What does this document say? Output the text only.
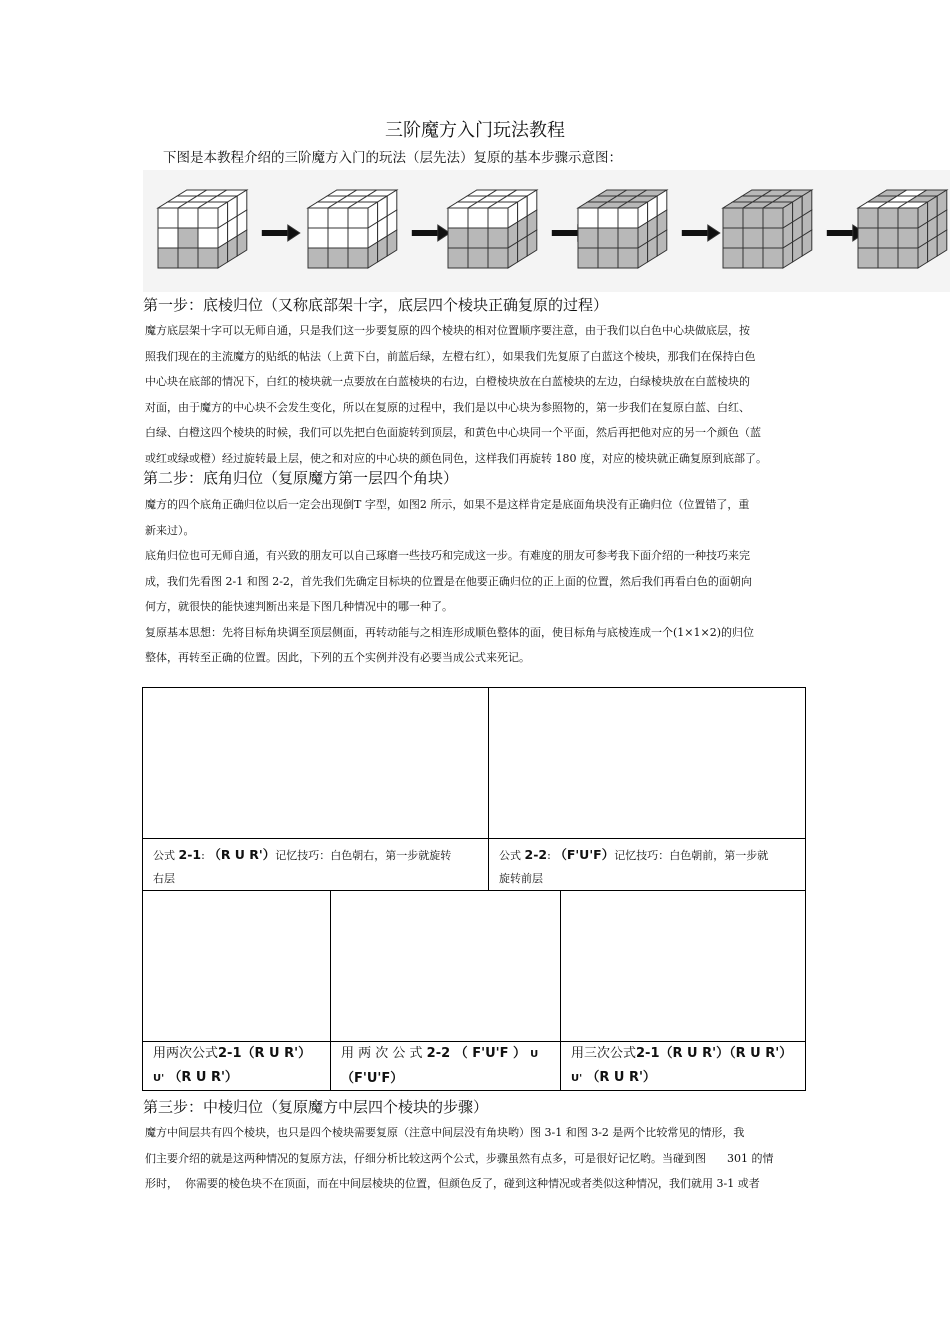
三阶魔方入门玩法教程
下图是本教程介绍的三阶魔方入门的玩法（层先法）复原的基本步骤示意图：
第一步：底棱归位（又称底部架十字，底层四个棱块正确复原的过程）

魔方底层架十字可以无师自通，只是我们这一步要复原的四个棱块的相对位置顺序要注意，由于我们以白色中心块做底层，按

照我们现在的主流魔方的贴纸的帖法（上黄下白，前蓝后绿，左橙右红），如果我们先复原了白蓝这个棱块，那我们在保持白色

中心块在底部的情况下，白红的棱块就一点要放在白蓝棱块的右边，白橙棱块放在白蓝棱块的左边，白绿棱块放在白蓝棱块的

对面，由于魔方的中心块不会发生变化，所以在复原的过程中，我们是以中心块为参照物的，第一步我们在复原白蓝、白红、

白绿、白橙这四个棱块的时候，我们可以先把白色面旋转到顶层，和黄色中心块同一个平面，然后再把他对应的另一个颜色（蓝

或红或绿或橙）经过旋转最上层，使之和对应的中心块的颜色同色，这样我们再旋转 180 度，对应的棱块就正确复原到底部了。

第二步：底角归位（复原魔方第一层四个角块）

魔方的四个底角正确归位以后一定会出现倒T 字型，如图2 所示，如果不是这样肯定是底面角块没有正确归位（位置错了，重

新来过）。

底角归位也可无师自通，有兴致的朋友可以自己琢磨一些技巧和完成这一步。有难度的朋友可参考我下面介绍的一种技巧来完

成，我们先看图 2-1 和图 2-2，首先我们先确定目标块的位置是在他要正确归位的正上面的位置，然后我们再看白色的面朝向

何方，就很快的能快速判断出来是下图几种情况中的哪一种了。

复原基本思想：先将目标角块调至顶层侧面，再转动能与之相连形成顺色整体的面，使目标角与底棱连成一个(1×1×2)的归位

整体，再转至正确的位置。因此，下列的五个实例并没有必要当成公式来死记。

公式 2-1: （R U R'）记忆技巧：白色朝右，第一步就旋转
右层
公式 2-2: （F'U'F）记忆技巧：白色朝前，第一步就
旋转前层
用两次公式2-1（R U R'）
U' （R U R'）
用 两 次 公 式 2-2 （ F'U'F ） U
（F'U'F）
用三次公式2-1（R U R'）（R U R'）
U' （R U R'）
第三步：中棱归位（复原魔方中层四个棱块的步骤）

魔方中间层共有四个棱块，也只是四个棱块需要复原（注意中间层没有角块哟）图 3-1 和图 3-2 是两个比较常见的情形，我

们主要介绍的就是这两种情况的复原方法，仔细分析比较这两个公式，步骤虽然有点多，可是很好记忆哟。当碰到图      301 的情

形时，  你需要的棱色块不在顶面，而在中间层棱块的位置，但颜色反了，碰到这种情况或者类似这种情况，我们就用 3-1 或者
